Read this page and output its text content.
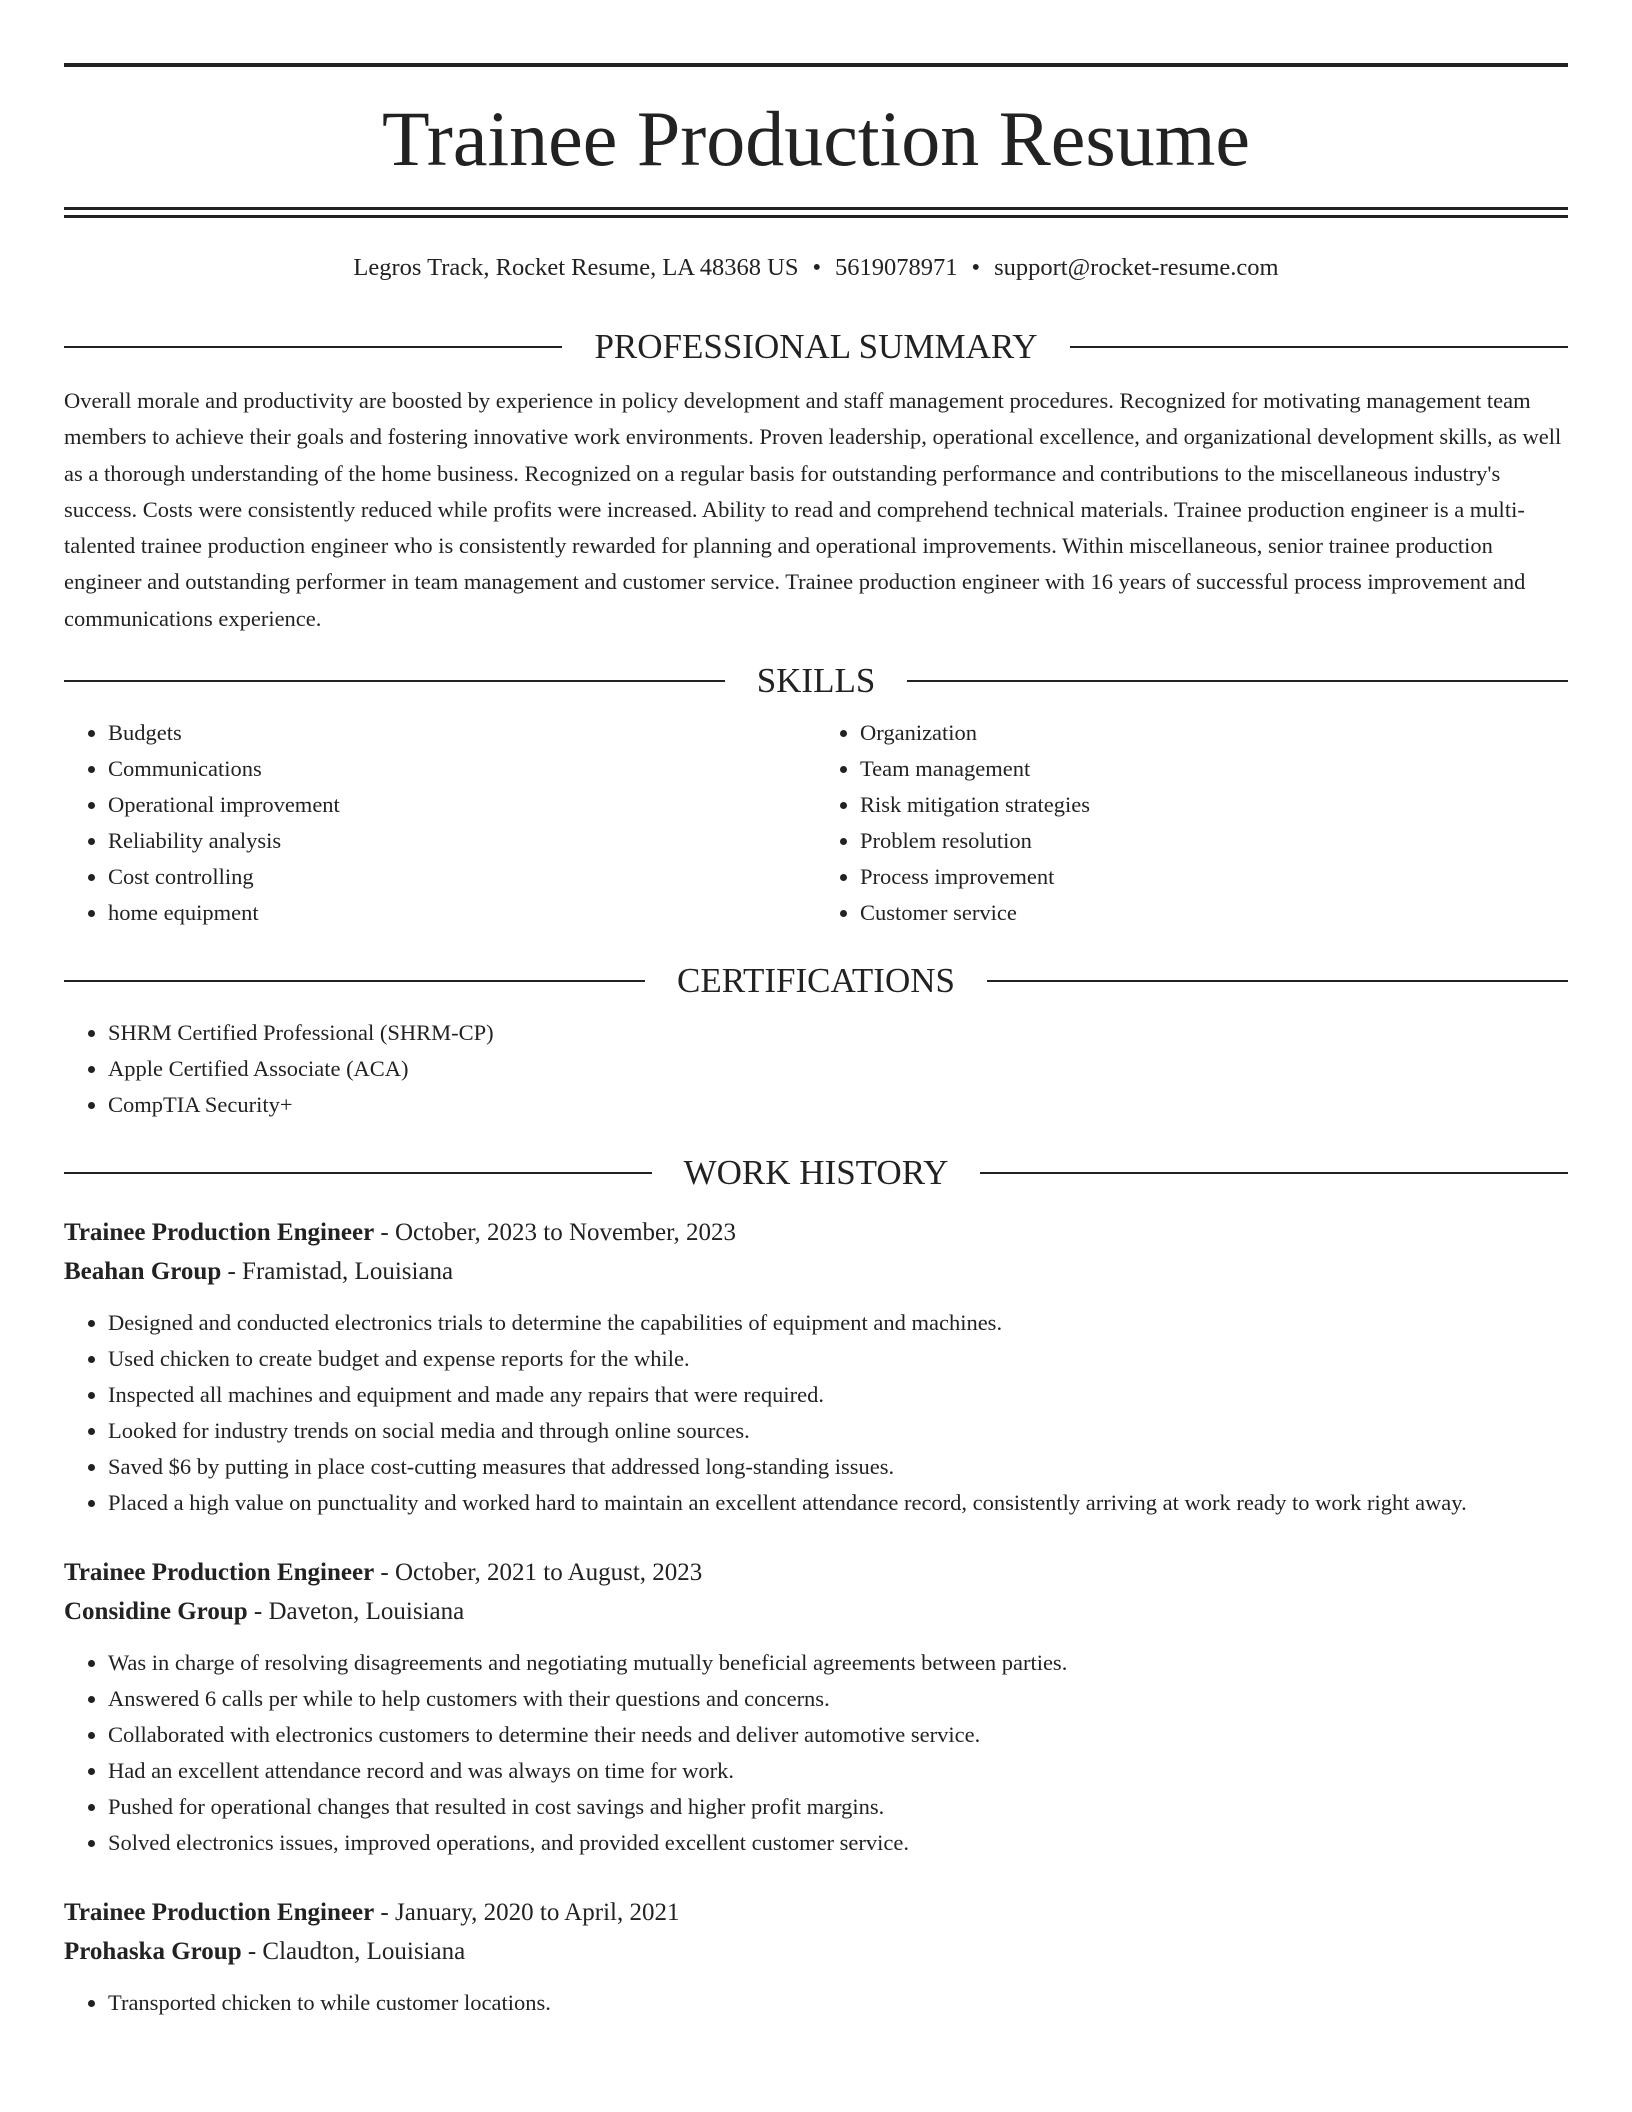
Trainee Production Resume
Legros Track, Rocket Resume, LA 48368 US • 5619078971 • support@rocket-resume.com
PROFESSIONAL SUMMARY

Overall morale and productivity are boosted by experience in policy development and staff management procedures. Recognized for motivating management team members to achieve their goals and fostering innovative work environments. Proven leadership, operational excellence, and organizational development skills, as well as a thorough understanding of the home business. Recognized on a regular basis for outstanding performance and contributions to the miscellaneous industry's success. Costs were consistently reduced while profits were increased. Ability to read and comprehend technical materials. Trainee production engineer is a multi-talented trainee production engineer who is consistently rewarded for planning and operational improvements. Within miscellaneous, senior trainee production engineer and outstanding performer in team management and customer service. Trainee production engineer with 16 years of successful process improvement and communications experience.

SKILLS
• Budgets
• Communications
• Operational improvement
• Reliability analysis
• Cost controlling
• home equipment
• Organization
• Team management
• Risk mitigation strategies
• Problem resolution
• Process improvement
• Customer service
CERTIFICATIONS
• SHRM Certified Professional (SHRM-CP)
• Apple Certified Associate (ACA)
• CompTIA Security+
WORK HISTORY
Trainee Production Engineer - October, 2023 to November, 2023
Beahan Group - Framistad, Louisiana
• Designed and conducted electronics trials to determine the capabilities of equipment and machines.
• Used chicken to create budget and expense reports for the while.
• Inspected all machines and equipment and made any repairs that were required.
• Looked for industry trends on social media and through online sources.
• Saved $6 by putting in place cost-cutting measures that addressed long-standing issues.
• Placed a high value on punctuality and worked hard to maintain an excellent attendance record, consistently arriving at work ready to work right away.
Trainee Production Engineer - October, 2021 to August, 2023
Considine Group - Daveton, Louisiana
• Was in charge of resolving disagreements and negotiating mutually beneficial agreements between parties.
• Answered 6 calls per while to help customers with their questions and concerns.
• Collaborated with electronics customers to determine their needs and deliver automotive service.
• Had an excellent attendance record and was always on time for work.
• Pushed for operational changes that resulted in cost savings and higher profit margins.
• Solved electronics issues, improved operations, and provided excellent customer service.
Trainee Production Engineer - January, 2020 to April, 2021
Prohaska Group - Claudton, Louisiana
• Transported chicken to while customer locations.
